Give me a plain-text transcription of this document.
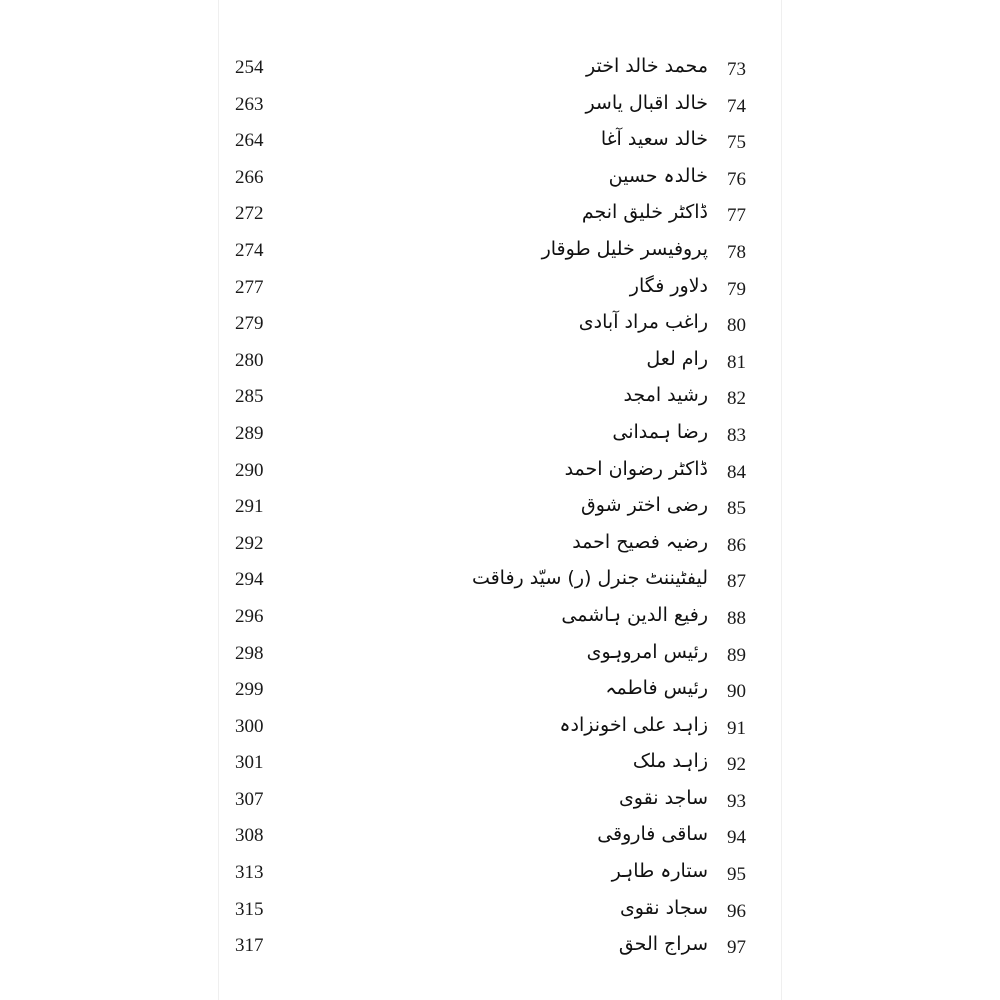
254	محمد خالد اختر 73
263	خالد اقبال یاسر 74
264	خالد سعید آغا 75
266	خالدہ حسین 76
272	ڈاکٹر خلیق انجم 77
274	پروفیسر خلیل طوقار 78
277	دلاور فگار 79
279	راغب مراد آبادی 80
280	رام لعل 81
285	رشید امجد 82
289	رضا ہمدانی 83
290	ڈاکٹر رضوان احمد 84
291	رضی اختر شوق 85
292	رضیہ فصیح احمد 86
294	لیفٹیننٹ جنرل (ر) سیّد رفاقت 87
296	رفیع الدین ہاشمی 88
298	رئیس امروہوی 89
299	رئیس فاطمہ 90
300	زاہد علی اخونزادہ 91
301	زاہد ملک 92
307	ساجد نقوی 93
308	ساقی فاروقی 94
313	ستارہ طاہر 95
315	سجاد نقوی 96
317	سراج الحق 97
